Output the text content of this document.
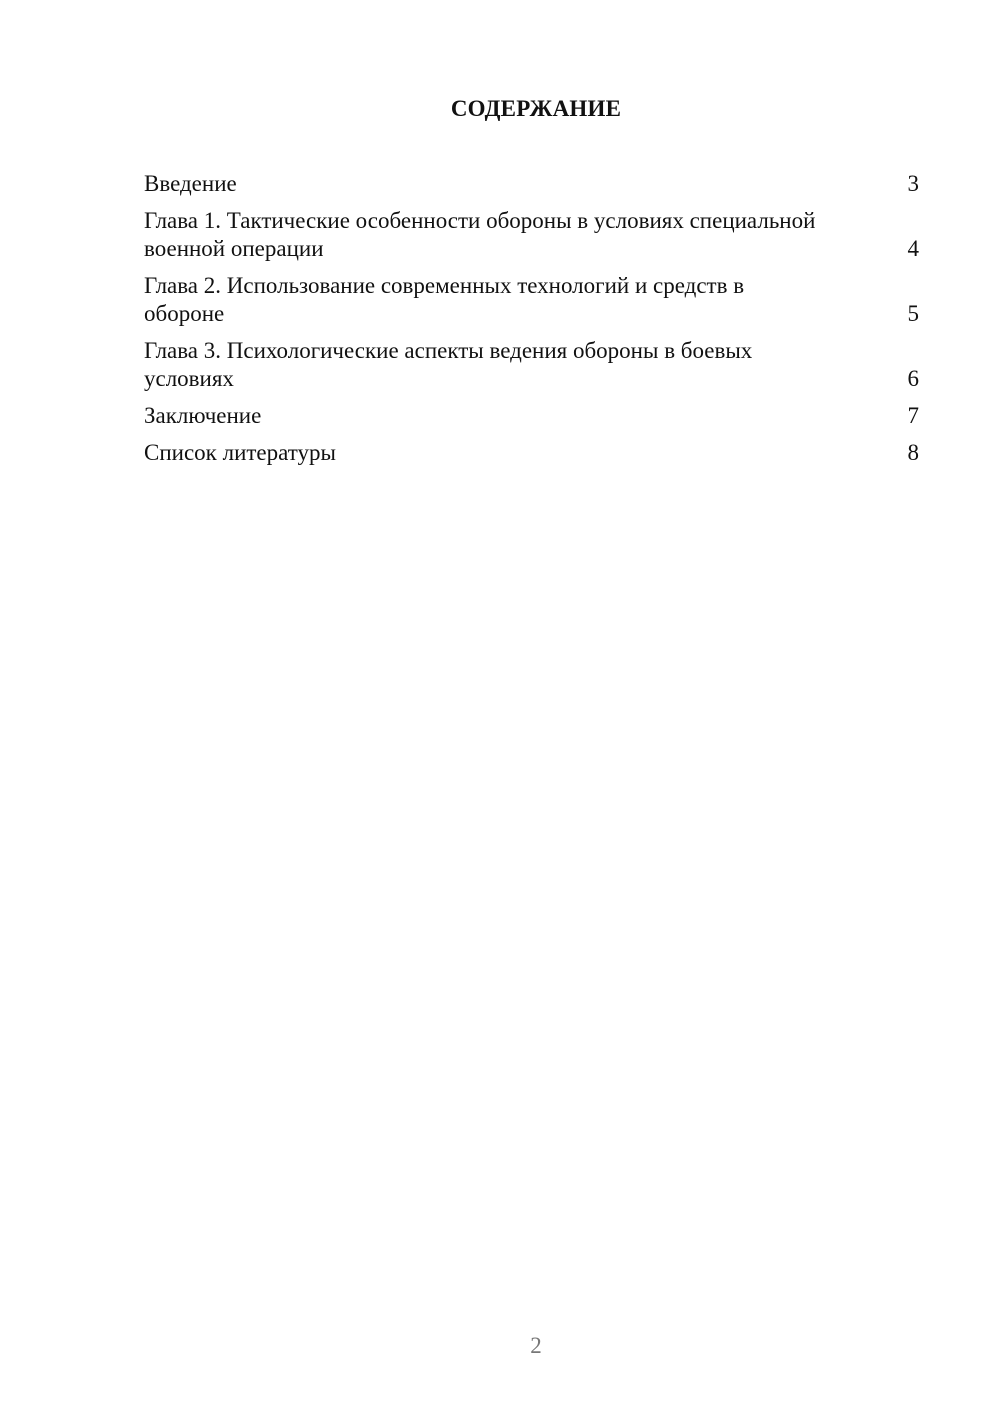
СОДЕРЖАНИЕ
Введение	3
Глава 1. Тактические особенности обороны в условиях специальной военной операции	4
Глава 2. Использование современных технологий и средств в обороне	5
Глава 3. Психологические аспекты ведения обороны в боевых условиях	6
Заключение	7
Список литературы	8
2
